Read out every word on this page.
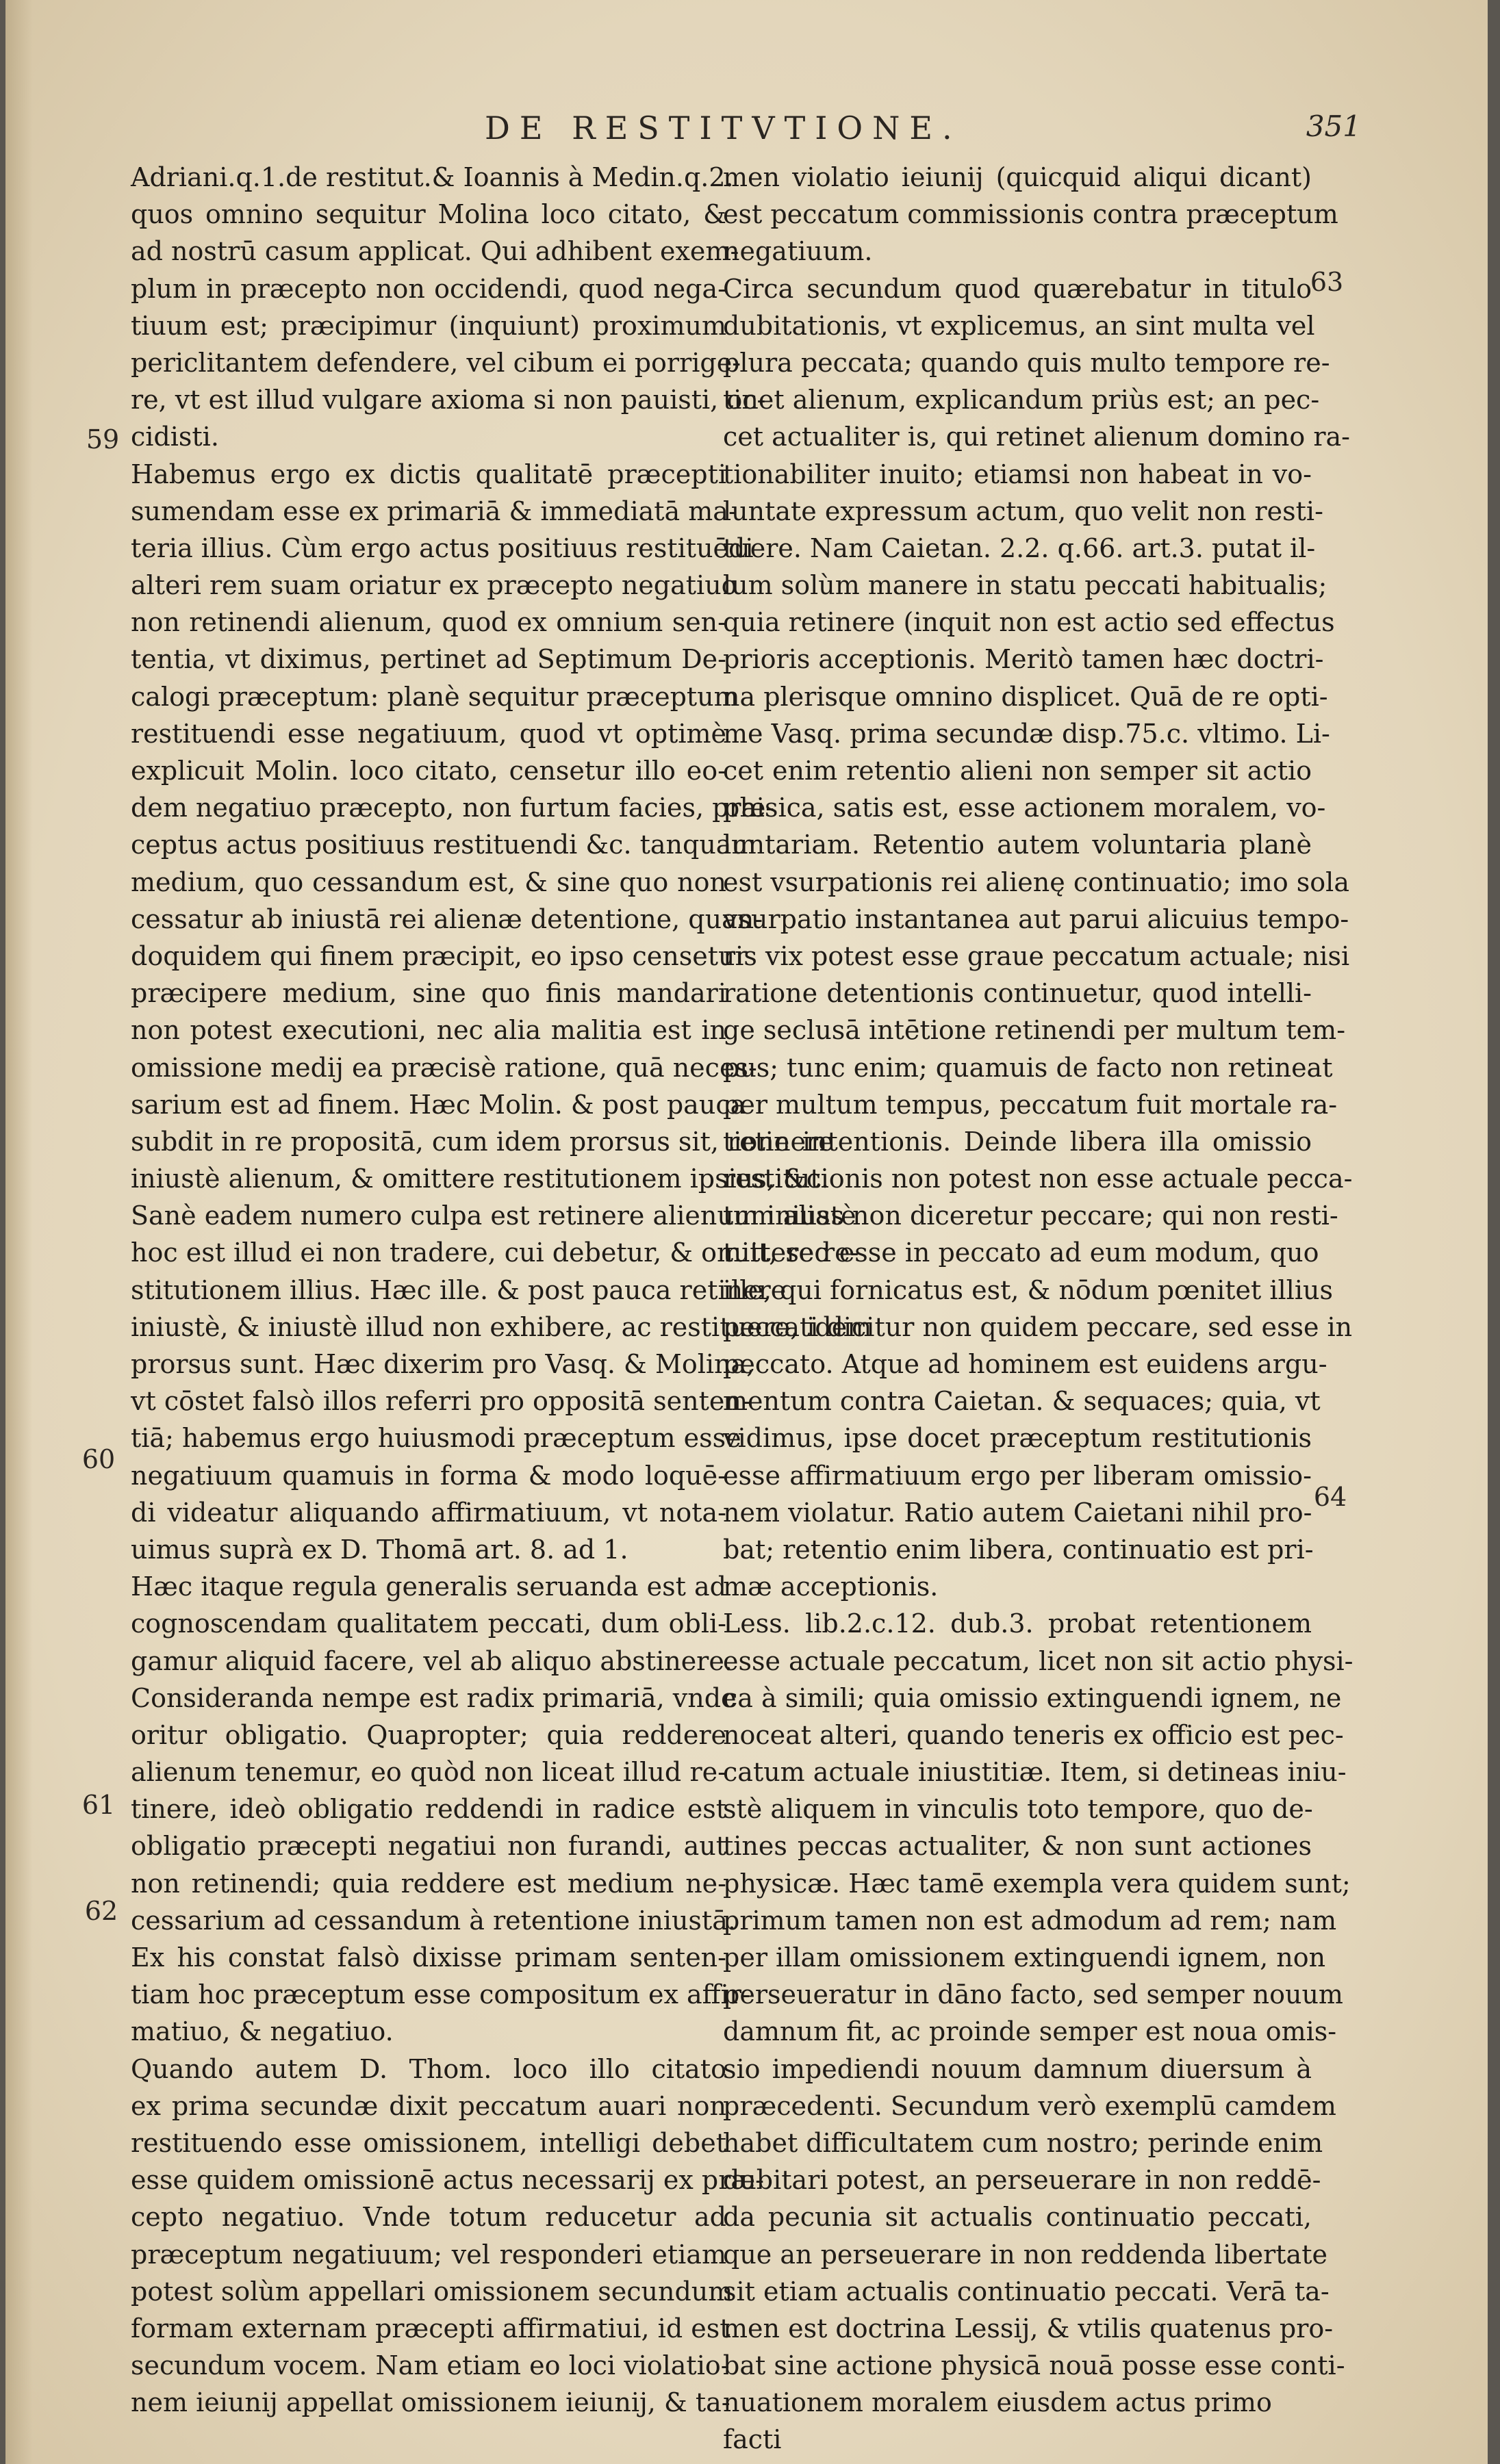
DE RESTITVTIONE.	351
Adriani.q.1.de restitut.& Ioannis à Medin.q.2.
quos omnino sequitur Molina loco citato, &
ad nostrū casum applicat. Qui adhibent exem-
plum in præcepto non occidendi, quod nega-
tiuum est; præcipimur (inquiunt) proximum
periclitantem defendere, vel cibum ei porrige-
re, vt est illud vulgare axioma si non pauisti, oc-
cidisti.
Habemus ergo ex dictis qualitatē præcepti
sumendam esse ex primariā & immediatā ma-
teria illius. Cùm ergo actus positiuus restituēdi
alteri rem suam oriatur ex præcepto negatiuo
non retinendi alienum, quod ex omnium sen-
tentia, vt diximus, pertinet ad Septimum De-
calogi præceptum: planè sequitur præceptum
restituendi esse negatiuum, quod vt optimè
explicuit Molin. loco citato, censetur illo eo-
dem negatiuo præcepto, non furtum facies, præ-
ceptus actus positiuus restituendi &c. tanquam
medium, quo cessandum est, & sine quo non
cessatur ab iniustā rei alienæ detentione, quan-
doquidem qui finem præcipit, eo ipso censetur
præcipere medium, sine quo finis mandari
non potest executioni, nec alia malitia est in
omissione medij ea præcisè ratione, quā neces-
sarium est ad finem. Hæc Molin. & post pauca
subdit in re propositā, cum idem prorsus sit, retinere
iniustè alienum, & omittere restitutionem ipsius, &c.
Sanè eadem numero culpa est retinere alienum iniustè
hoc est illud ei non tradere, cui debetur, & omittere re-
stitutionem illius. Hæc ille. & post pauca retinere
iniustè, & iniustè illud non exhibere, ac restituere, idem
prorsus sunt. Hæc dixerim pro Vasq. & Molina,
vt cōstet falsò illos referri pro oppositā senten-
tiā; habemus ergo huiusmodi præceptum esse
negatiuum quamuis in forma & modo loquē-
di videatur aliquando affirmatiuum, vt nota-
uimus suprà ex D. Thomā art. 8. ad 1.
Hæc itaque regula generalis seruanda est ad
cognoscendam qualitatem peccati, dum obli-
gamur aliquid facere, vel ab aliquo abstinere.
Consideranda nempe est radix primariā, vnde
oritur obligatio. Quapropter; quia reddere
alienum tenemur, eo quòd non liceat illud re-
tinere, ideò obligatio reddendi in radice est
obligatio præcepti negatiui non furandi, aut
non retinendi; quia reddere est medium ne-
cessarium ad cessandum à retentione iniustā.
Ex his constat falsò dixisse primam senten-
tiam hoc præceptum esse compositum ex affir-
matiuo, & negatiuo.
Quando autem D. Thom. loco illo citato
ex prima secundæ dixit peccatum auari non
restituendo esse omissionem, intelligi debet
esse quidem omissionē actus necessarij ex præ-
cepto negatiuo. Vnde totum reducetur ad
præceptum negatiuum; vel responderi etiam
potest solùm appellari omissionem secundum
formam externam præcepti affirmatiui, id est
secundum vocem. Nam etiam eo loci violatio-
nem ieiunij appellat omissionem ieiunij, & ta-
men violatio ieiunij (quicquid aliqui dicant)
est peccatum commissionis contra præceptum
negatiuum.
Circa secundum quod quærebatur in titulo
dubitationis, vt explicemus, an sint multa vel
plura peccata; quando quis multo tempore re-
tinet alienum, explicandum priùs est; an pec-
cet actualiter is, qui retinet alienum domino ra-
tionabiliter inuito; etiamsi non habeat in vo-
luntate expressum actum, quo velit non resti-
tuere. Nam Caietan. 2.2. q.66. art.3. putat il-
lum solùm manere in statu peccati habitualis;
quia retinere (inquit non est actio sed effectus
prioris acceptionis. Meritò tamen hæc doctri-
na plerisque omnino displicet. Quā de re opti-
me Vasq. prima secundæ disp.75.c. vltimo. Li-
cet enim retentio alieni non semper sit actio
phisica, satis est, esse actionem moralem, vo-
luntariam. Retentio autem voluntaria planè
est vsurpationis rei alienę continuatio; imo sola
vsurpatio instantanea aut parui alicuius tempo-
ris vix potest esse graue peccatum actuale; nisi
ratione detentionis continuetur, quod intelli-
ge seclusā intētione retinendi per multum tem-
pus; tunc enim; quamuis de facto non retineat
per multum tempus, peccatum fuit mortale ra-
tione intentionis. Deinde libera illa omissio
restitutionis non potest non esse actuale pecca-
tum alias non diceretur peccare; qui non resti-
tuit, sed esse in peccato ad eum modum, quo
ille, qui fornicatus est, & nōdum pœnitet illius
peccati dicitur non quidem peccare, sed esse in
peccato. Atque ad hominem est euidens argu-
mentum contra Caietan. & sequaces; quia, vt
vidimus, ipse docet præceptum restitutionis
esse affirmatiuum ergo per liberam omissio-
nem violatur. Ratio autem Caietani nihil pro-
bat; retentio enim libera, continuatio est pri-
mæ acceptionis.
Less. lib.2.c.12. dub.3. probat retentionem
esse actuale peccatum, licet non sit actio physi-
ca à simili; quia omissio extinguendi ignem, ne
noceat alteri, quando teneris ex officio est pec-
catum actuale iniustitiæ. Item, si detineas iniu-
stè aliquem in vinculis toto tempore, quo de-
tines peccas actualiter, & non sunt actiones
physicæ. Hæc tamē exempla vera quidem sunt;
primum tamen non est admodum ad rem; nam
per illam omissionem extinguendi ignem, non
perseueratur in dāno facto, sed semper nouum
damnum fit, ac proinde semper est noua omis-
sio impediendi nouum damnum diuersum à
præcedenti. Secundum verò exemplū camdem
habet difficultatem cum nostro; perinde enim
dubitari potest, an perseuerare in non reddē-
da pecunia sit actualis continuatio peccati,
que an perseuerare in non reddenda libertate
sit etiam actualis continuatio peccati. Verā ta-
men est doctrina Lessij, & vtilis quatenus pro-
bat sine actione physicā nouā posse esse conti-
nuationem moralem eiusdem actus primo
facti
59
60
61
62
63
64
